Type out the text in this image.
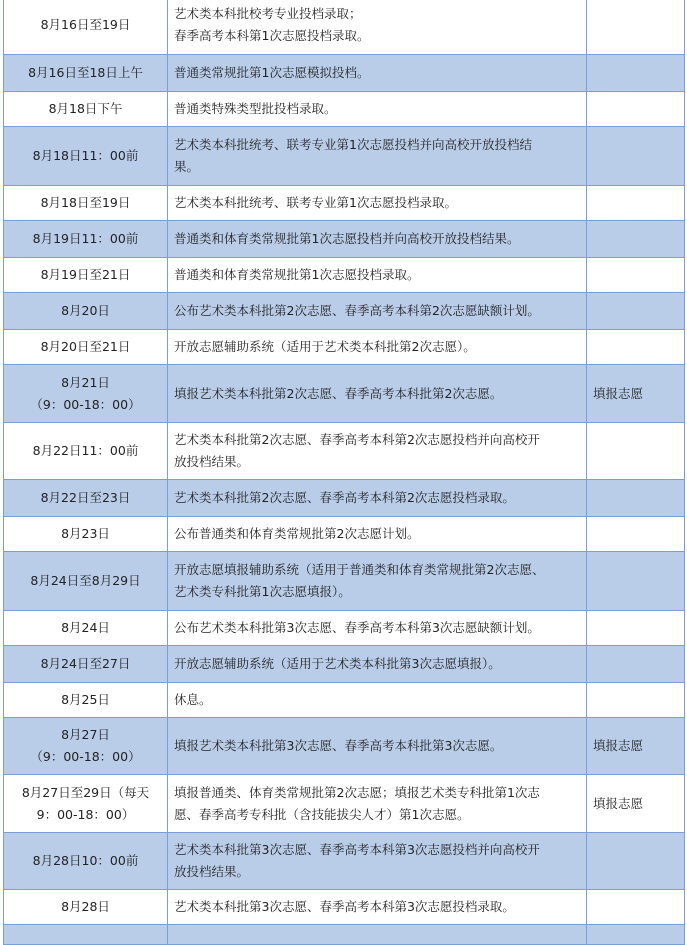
8月16日至19日	艺术类本科批校考专业投档录取；
春季高考本科第1次志愿投档录取。	

8月16日至18日上午	普通类常规批第1次志愿模拟投档。	

8月18日下午	普通类特殊类型批投档录取。	

8月18日11：00前	艺术类本科批统考、联考专业第1次志愿投档并向高校开放投档结
果。	

8月18日至19日	艺术类本科批统考、联考专业第1次志愿投档录取。	

8月19日11：00前	普通类和体育类常规批第1次志愿投档并向高校开放投档结果。	

8月19日至21日	普通类和体育类常规批第1次志愿投档录取。	

8月20日	公布艺术类本科批第2次志愿、春季高考本科第2次志愿缺额计划。	

8月20日至21日	开放志愿辅助系统（适用于艺术类本科批第2次志愿）。	

8月21日
（9：00-18：00）	填报艺术类本科批第2次志愿、春季高考本科批第2次志愿。	填报志愿

8月22日11：00前	艺术类本科批第2次志愿、春季高考本科第2次志愿投档并向高校开
放投档结果。	

8月22日至23日	艺术类本科批第2次志愿、春季高考本科第2次志愿投档录取。	

8月23日	公布普通类和体育类常规批第2次志愿计划。	

8月24日至8月29日	开放志愿填报辅助系统（适用于普通类和体育类常规批第2次志愿、
艺术类专科批第1次志愿填报）。	

8月24日	公布艺术类本科批第3次志愿、春季高考本科第3次志愿缺额计划。	

8月24日至27日	开放志愿辅助系统（适用于艺术类本科批第3次志愿填报）。	

8月25日	休息。	

8月27日
（9：00-18：00）	填报艺术类本科批第3次志愿、春季高考本科批第3次志愿。	填报志愿

8月27日至29日（每天
9：00-18：00）	填报普通类、体育类常规批第2次志愿；填报艺术类专科批第1次志
愿、春季高考专科批（含技能拔尖人才）第1次志愿。	填报志愿

8月28日10：00前	艺术类本科批第3次志愿、春季高考本科第3次志愿投档并向高校开
放投档结果。	

8月28日	艺术类本科批第3次志愿、春季高考本科第3次志愿投档录取。	
